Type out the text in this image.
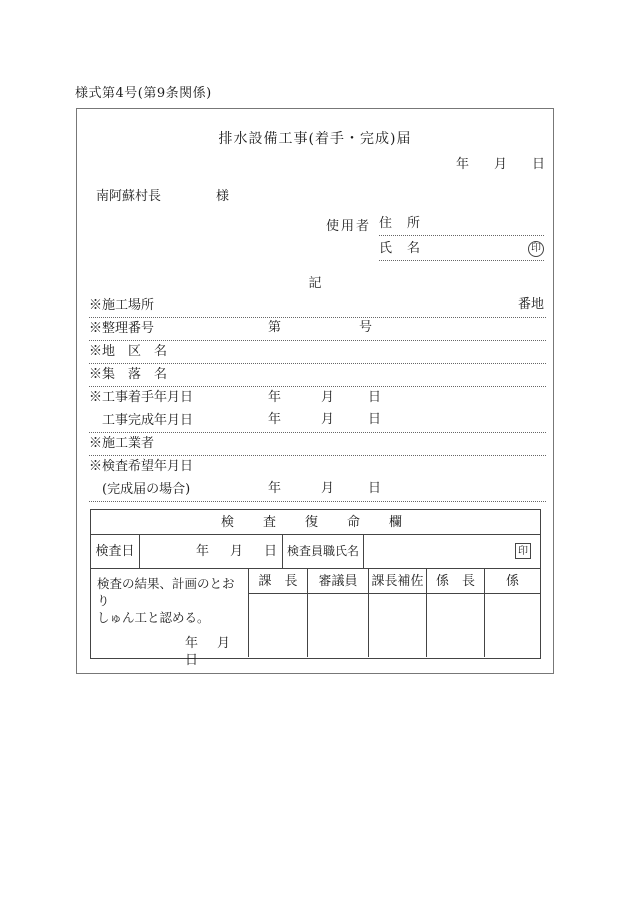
様式第4号(第9条関係)
排水設備工事(着手・完成)届
年 月 日
南阿蘇村長	様
使用者 住　所
氏　名	印
記
※施工場所	番地
※整理番号	第	号
※地　区　名
※集　落　名
※工事着手年月日	年	月	日
　工事完成年月日	年	月	日
※施工業者
※検査希望年月日
　(完成届の場合)	年	月	日
検　査　復　命　欄
検査日	年 月 日 検査員職氏名	印
検査の結果、計画のとおり
しゅん工と認める。
年　 月　日
課　長	審議員	課長補佐 係　長	係
